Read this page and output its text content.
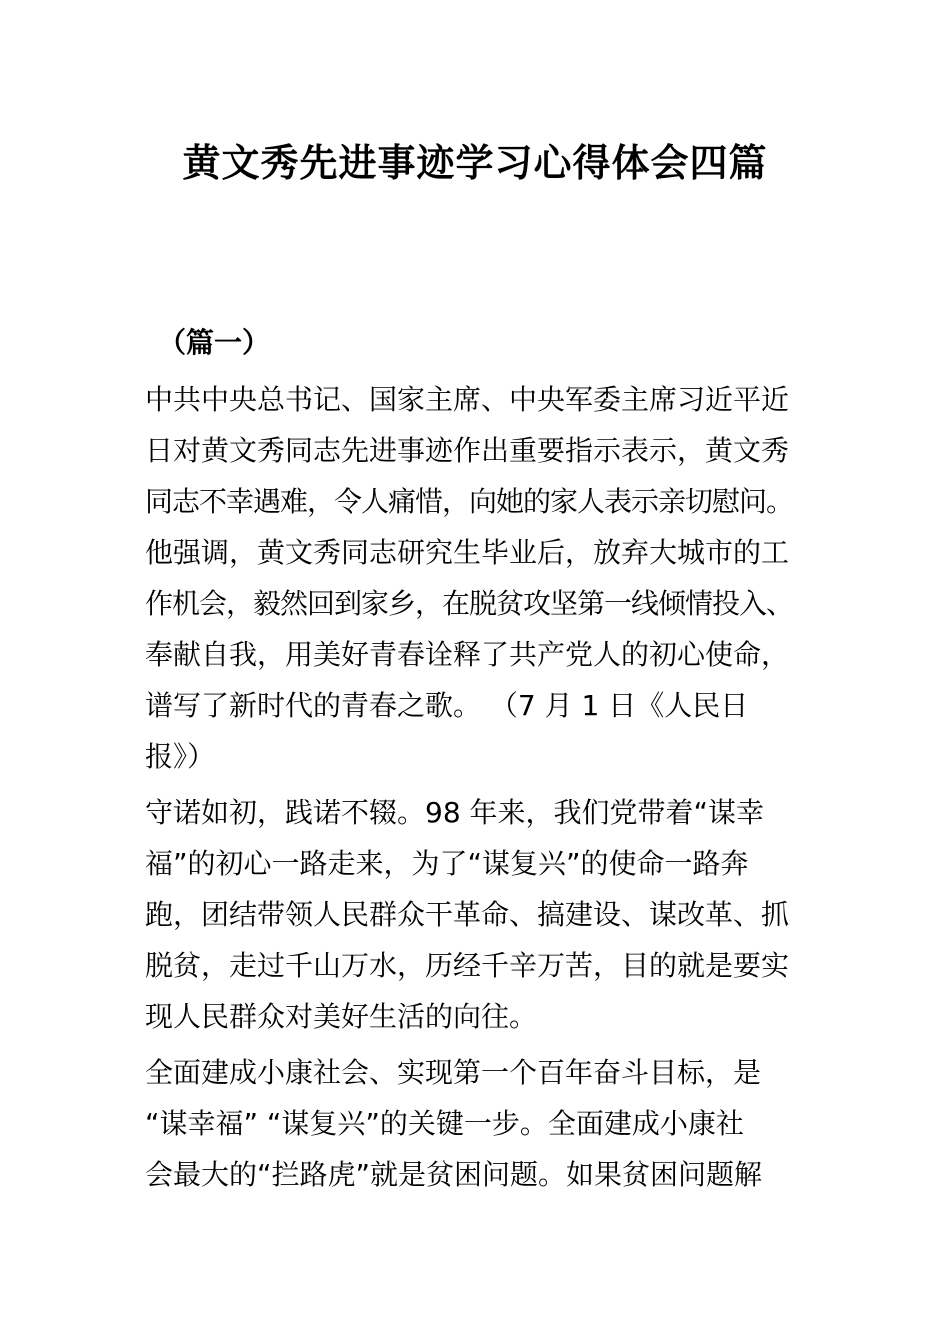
黄文秀先进事迹学习心得体会四篇
（篇一）

中共中央总书记、国家主席、中央军委主席习近平近
日对黄文秀同志先进事迹作出重要指示表示，黄文秀
同志不幸遇难，令人痛惜，向她的家人表示亲切慰问。
他强调，黄文秀同志研究生毕业后，放弃大城市的工
作机会，毅然回到家乡，在脱贫攻坚第一线倾情投入、
奉献自我，用美好青春诠释了共产党人的初心使命，
谱写了新时代的青春之歌。 （7 月 1 日《人民日
报》）

守诺如初，践诺不辍。98 年来，我们党带着“谋幸
福”的初心一路走来，为了“谋复兴”的使命一路奔
跑，团结带领人民群众干革命、搞建设、谋改革、抓
脱贫，走过千山万水，历经千辛万苦，目的就是要实
现人民群众对美好生活的向往。

全面建成小康社会、实现第一个百年奋斗目标，是
“谋幸福” “谋复兴”的关键一步。全面建成小康社
会最大的“拦路虎”就是贫困问题。如果贫困问题解
